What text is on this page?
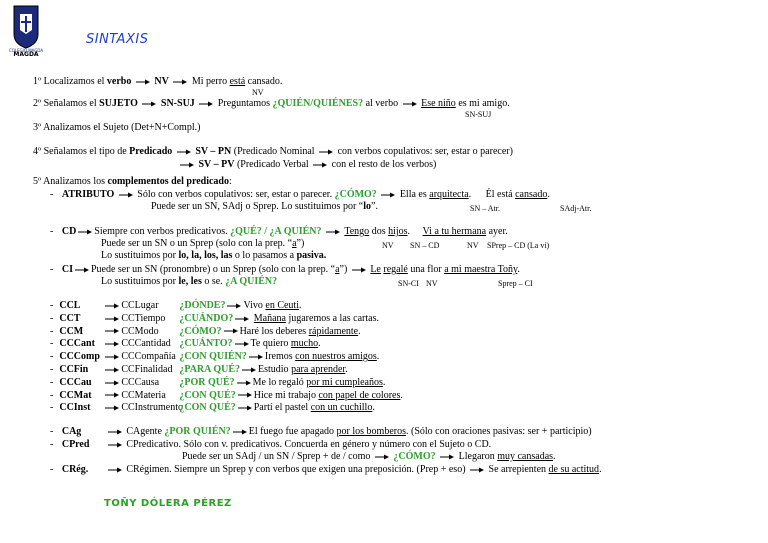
COLEGIO MAGDA
MAGDA
SINTAXIS
1º Localizamos el verbo NV Mi perro está cansado.
NV
2º Señalamos el SUJETO SN-SUJ Preguntamos ¿QUIÉN/QUIÉNES? al verbo Ese niño es mi amigo.
SN-SUJ
3º Analizamos el Sujeto (Det+N+Compl.)
4º Señalamos el tipo de Predicado SV – PN (Predicado Nominal con verbos copulativos: ser, estar o parecer)
SV – PV (Predicado Verbal con el resto de los verbos)
5º Analizamos los complementos del predicado:
- ATRIBUTO Sólo con verbos copulativos: ser, estar o parecer. ¿CÓMO? Ella es arquitecta. Él está cansado.
Puede ser un SN, SAdj o Sprep. Lo sustituimos por “lo”.	SN – Atr.	SAdj-Atr.
- CD Siempre con verbos predicativos. ¿QUÉ? / ¿A QUIÉN? Tengo dos hijos. Vi a tu hermana ayer.
Puede ser un SN o un Sprep (solo con la prep. “a”)	NV SN – CD	NV SPrep – CD (La vi)
Lo sustituimos por lo, la, los, las o lo pasamos a pasiva.
- CI Puede ser un SN (pronombre) o un Sprep (solo con la prep. “a”) Le regalé una flor a mi maestra Toñy.
Lo sustituimos por le, les o se. ¿A QUIÉN?	SN-CI NV	Sprep – CI
- CCL	CCLugar ¿DÓNDE? Vivo en Ceuti.
- CCT	CCTiempo ¿CUÁNDO? Mañana jugaremos a las cartas.
- CCM	CCModo ¿CÓMO? Haré los deberes rápidamente.
- CCCant	CCCantidad ¿CUÁNTO? Te quiero mucho.
- CCComp CCCompañía ¿CON QUIÉN? Iremos con nuestros amigos.
- CCFin	CCFinalidad ¿PARA QUÉ? Estudio para aprender.
- CCCau	CCCausa ¿POR QUÉ? Me lo regaló por mi cumpleaños.
- CCMat	CCMateria ¿CON QUÉ? Hice mi trabajo con papel de colores.
- CCInst	CCInstrumento¿CON QUÉ? Partí el pastel con un cuchillo.
- CAg	CAgente ¿POR QUIÉN? El fuego fue apagado por los bomberos. (Sólo con oraciones pasivas: ser + participio)
- CPred	CPredicativo. Sólo con v. predicativos. Concuerda en género y número con el Sujeto o CD.
Puede ser un SAdj / un SN / Sprep + de / como ¿CÓMO? Llegaron muy cansadas.
- CRég.	CRégimen. Siempre un Sprep y con verbos que exigen una preposición. (Prep + eso) Se arrepienten de su actitud.
TOÑY DÓLERA PÉREZ
